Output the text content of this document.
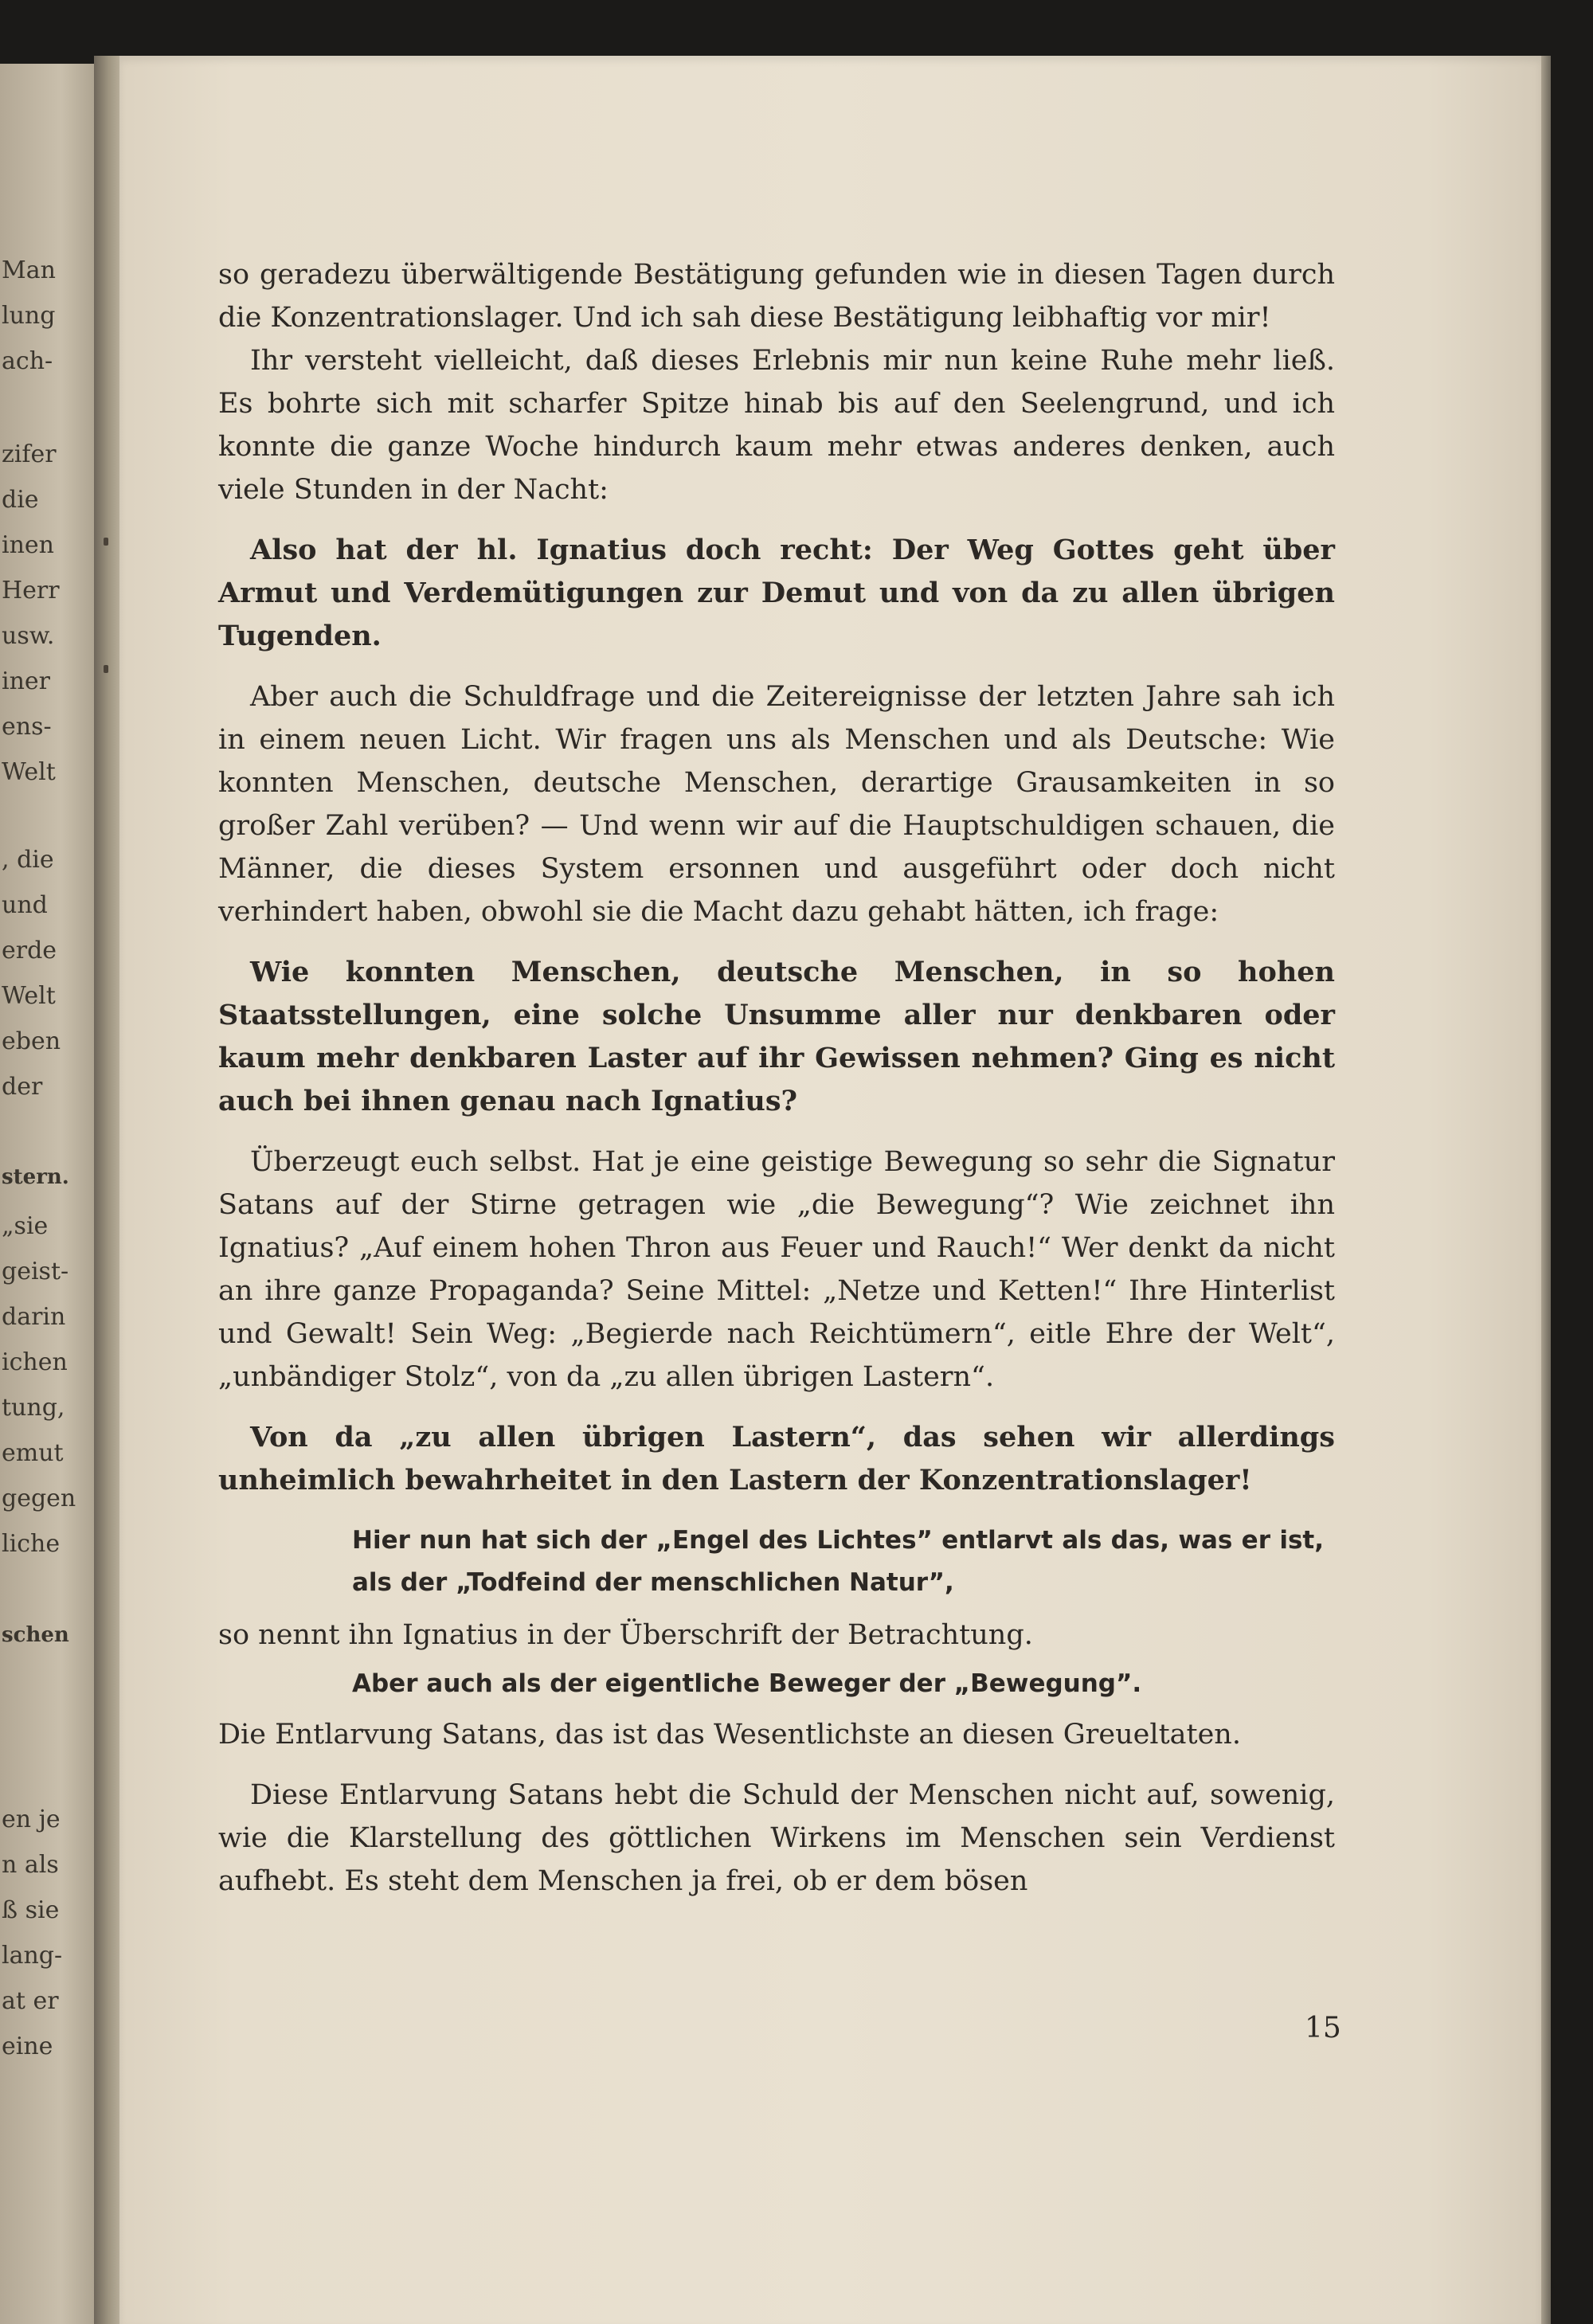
Man
lung
ach-
zifer
die
inen
Herr
usw.
iner
ens-
Welt
, die
und
erde
Welt
eben
der
stern.
„sie
geist-
darin
ichen
tung,
emut
gegen
liche
schen
en je
n als
ß sie
lang-
at er
eine

so geradezu überwältigende Bestätigung gefunden wie in diesen Tagen durch die Konzentrationslager. Und ich sah diese Bestätigung leibhaftig vor mir!

Ihr versteht vielleicht, daß dieses Erlebnis mir nun keine Ruhe mehr ließ. Es bohrte sich mit scharfer Spitze hinab bis auf den Seelengrund, und ich konnte die ganze Woche hindurch kaum mehr etwas anderes denken, auch viele Stunden in der Nacht:

Also hat der hl. Ignatius doch recht: Der Weg Gottes geht über Armut und Verdemütigungen zur Demut und von da zu allen übrigen Tugenden.

Aber auch die Schuldfrage und die Zeitereignisse der letzten Jahre sah ich in einem neuen Licht. Wir fragen uns als Menschen und als Deutsche: Wie konnten Menschen, deutsche Menschen, derartige Grausamkeiten in so großer Zahl verüben? — Und wenn wir auf die Hauptschuldigen schauen, die Männer, die dieses System ersonnen und ausgeführt oder doch nicht verhindert haben, obwohl sie die Macht dazu gehabt hätten, ich frage:

Wie konnten Menschen, deutsche Menschen, in so hohen Staatsstellungen, eine solche Unsumme aller nur denkbaren oder kaum mehr denkbaren Laster auf ihr Gewissen nehmen? Ging es nicht auch bei ihnen genau nach Ignatius?

Überzeugt euch selbst. Hat je eine geistige Bewegung so sehr die Signatur Satans auf der Stirne getragen wie „die Bewegung“? Wie zeichnet ihn Ignatius? „Auf einem hohen Thron aus Feuer und Rauch!“ Wer denkt da nicht an ihre ganze Propaganda? Seine Mittel: „Netze und Ketten!“ Ihre Hinterlist und Gewalt! Sein Weg: „Begierde nach Reichtümern“, eitle Ehre der Welt“, „unbändiger Stolz“, von da „zu allen übrigen Lastern“.

Von da „zu allen übrigen Lastern“, das sehen wir allerdings unheimlich bewahrheitet in den Lastern der Konzentrationslager!

Hier nun hat sich der „Engel des Lichtes” entlarvt als das, was er ist, als der „Todfeind der menschlichen Natur”,

so nennt ihn Ignatius in der Überschrift der Betrachtung.

Aber auch als der eigentliche Beweger der „Bewegung”.

Die Entlarvung Satans, das ist das Wesentlichste an diesen Greueltaten.

Diese Entlarvung Satans hebt die Schuld der Menschen nicht auf, sowenig, wie die Klarstellung des göttlichen Wirkens im Menschen sein Verdienst aufhebt. Es steht dem Menschen ja frei, ob er dem bösen

15
